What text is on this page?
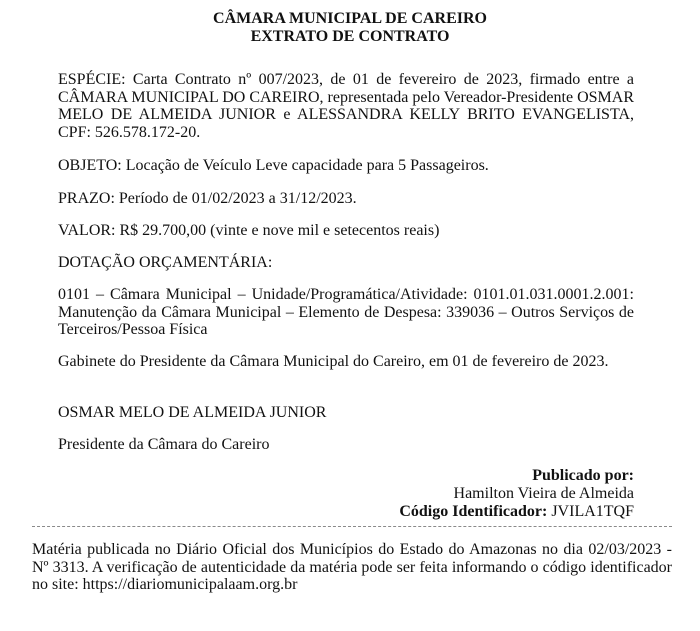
CÂMARA MUNICIPAL DE CAREIRO
EXTRATO DE CONTRATO

ESPÉCIE: Carta Contrato nº 007/2023, de 01 de fevereiro de 2023, firmado entre a CÂMARA MUNICIPAL DO CAREIRO, representada pelo Vereador-Presidente OSMAR MELO DE ALMEIDA JUNIOR e ALESSANDRA KELLY BRITO EVANGELISTA, CPF: 526.578.172-20.

OBJETO: Locação de Veículo Leve capacidade para 5 Passageiros.

PRAZO: Período de 01/02/2023 a 31/12/2023.

VALOR: R$ 29.700,00 (vinte e nove mil e setecentos reais)

DOTAÇÃO ORÇAMENTÁRIA:

0101 – Câmara Municipal – Unidade/Programática/Atividade: 0101.01.031.0001.2.001: Manutenção da Câmara Municipal – Elemento de Despesa: 339036 – Outros Serviços de Terceiros/Pessoa Física

Gabinete do Presidente da Câmara Municipal do Careiro, em 01 de fevereiro de 2023.

OSMAR MELO DE ALMEIDA JUNIOR

Presidente da Câmara do Careiro

Publicado por:
Hamilton Vieira de Almeida
Código Identificador: JVILA1TQF

Matéria publicada no Diário Oficial dos Municípios do Estado do Amazonas no dia 02/03/2023 - Nº 3313. A verificação de autenticidade da matéria pode ser feita informando o código identificador no site: https://diariomunicipalaam.org.br
